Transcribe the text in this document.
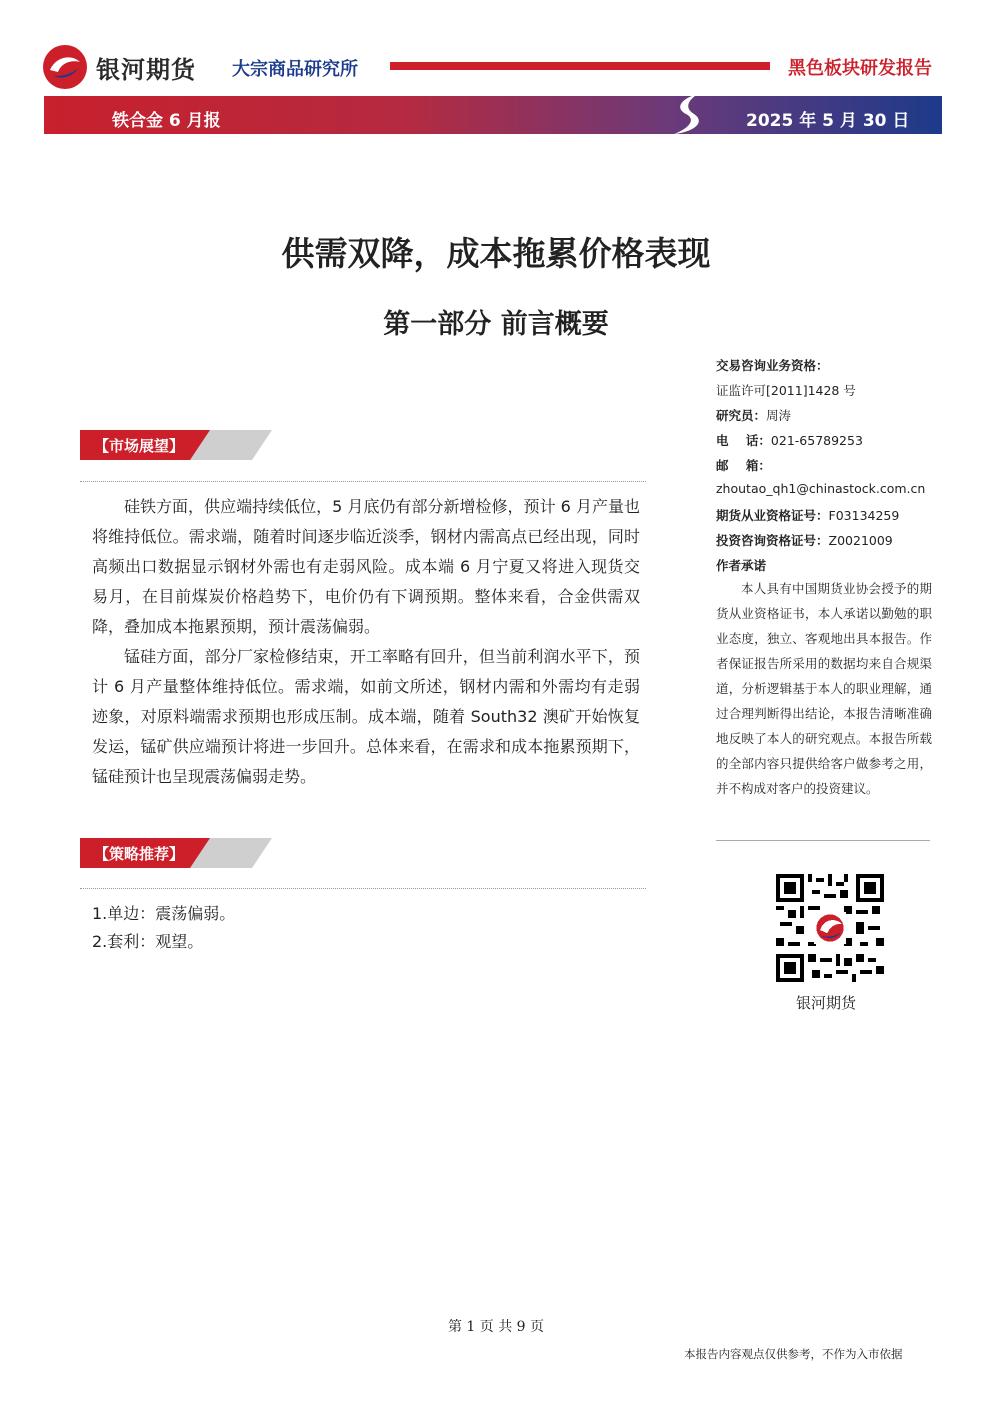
银河期货 大宗商品研究所	黑色板块研发报告
铁合金 6 月报	2025 年 5 月 30 日
供需双降，成本拖累价格表现
第一部分 前言概要
【市场展望】

硅铁方面，供应端持续低位，5 月底仍有部分新增检修，预计 6 月产量也将维持低位。需求端，随着时间逐步临近淡季，钢材内需高点已经出现，同时高频出口数据显示钢材外需也有走弱风险。成本端 6 月宁夏又将进入现货交易月，在目前煤炭价格趋势下，电价仍有下调预期。整体来看，合金供需双降，叠加成本拖累预期，预计震荡偏弱。

锰硅方面，部分厂家检修结束，开工率略有回升，但当前利润水平下，预计 6 月产量整体维持低位。需求端，如前文所述，钢材内需和外需均有走弱迹象，对原料端需求预期也形成压制。成本端，随着 South32 澳矿开始恢复发运，锰矿供应端预计将进一步回升。总体来看，在需求和成本拖累预期下，锰硅预计也呈现震荡偏弱走势。

【策略推荐】
1.单边：震荡偏弱。
2.套利：观望。
交易咨询业务资格：
证监许可[2011]1428 号
研究员：周涛
电    话：021-65789253
邮    箱：
zhoutao_qh1@chinastock.com.cn
期货从业资格证号：F03134259
投资咨询资格证号：Z0021009
作者承诺
本人具有中国期货业协会授予的期货从业资格证书，本人承诺以勤勉的职业态度，独立、客观地出具本报告。作者保证报告所采用的数据均来自合规渠道，分析逻辑基于本人的职业理解，通过合理判断得出结论，本报告清晰准确地反映了本人的研究观点。本报告所载的全部内容只提供给客户做参考之用，并不构成对客户的投资建议。
银河期货
第 1 页 共 9 页
本报告内容观点仅供参考，不作为入市依据
